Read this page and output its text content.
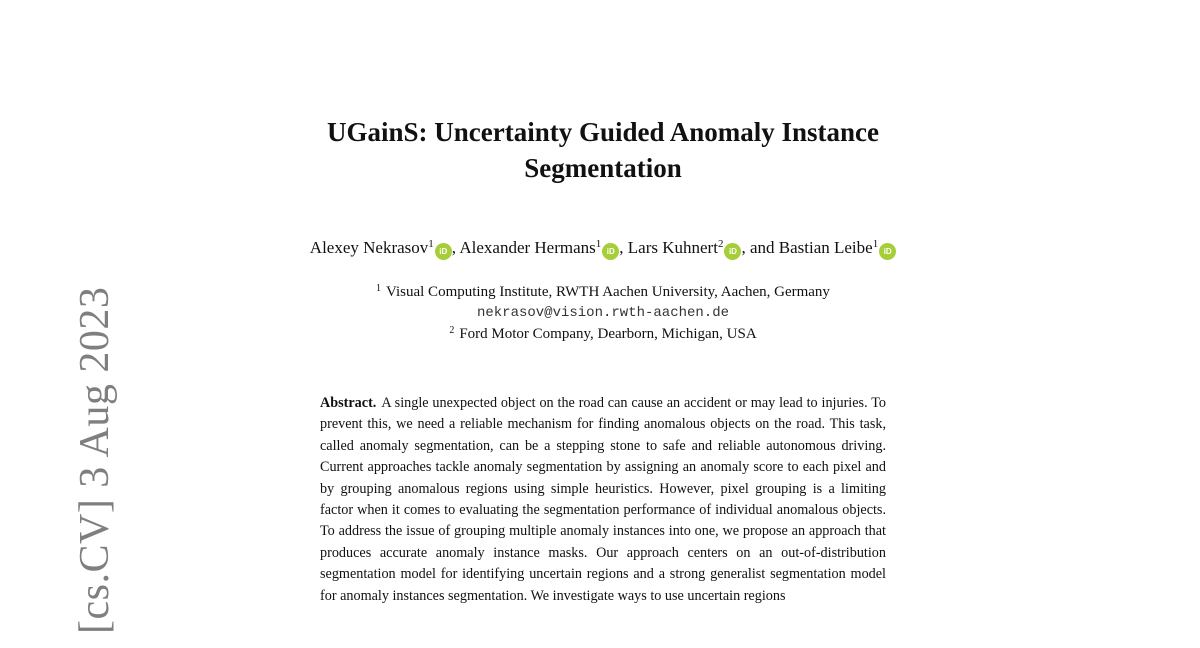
[cs.CV] 3 Aug 2023
UGainS: Uncertainty Guided Anomaly Instance Segmentation
Alexey Nekrasov$^1$iD , Alexander Hermans$^1$iD , Lars Kuhnert$^2$iD , and Bastian Leibe$^1$iD
$^1$ Visual Computing Institute, RWTH Aachen University, Aachen, Germany
nekrasov@vision.rwth-aachen.de
$^2$ Ford Motor Company, Dearborn, Michigan, USA
Abstract. A single unexpected object on the road can cause an accident or may lead to injuries. To prevent this, we need a reliable mechanism for finding anomalous objects on the road. This task, called anomaly segmentation, can be a stepping stone to safe and reliable autonomous driving. Current approaches tackle anomaly segmentation by assigning an anomaly score to each pixel and by grouping anomalous regions using simple heuristics. However, pixel grouping is a limiting factor when it comes to evaluating the segmentation performance of individual anomalous objects. To address the issue of grouping multiple anomaly instances into one, we propose an approach that produces accurate anomaly instance masks. Our approach centers on an out-of-distribution segmentation model for identifying uncertain regions and a strong generalist segmentation model for anomaly instances segmentation. We investigate ways to use uncertain regions
